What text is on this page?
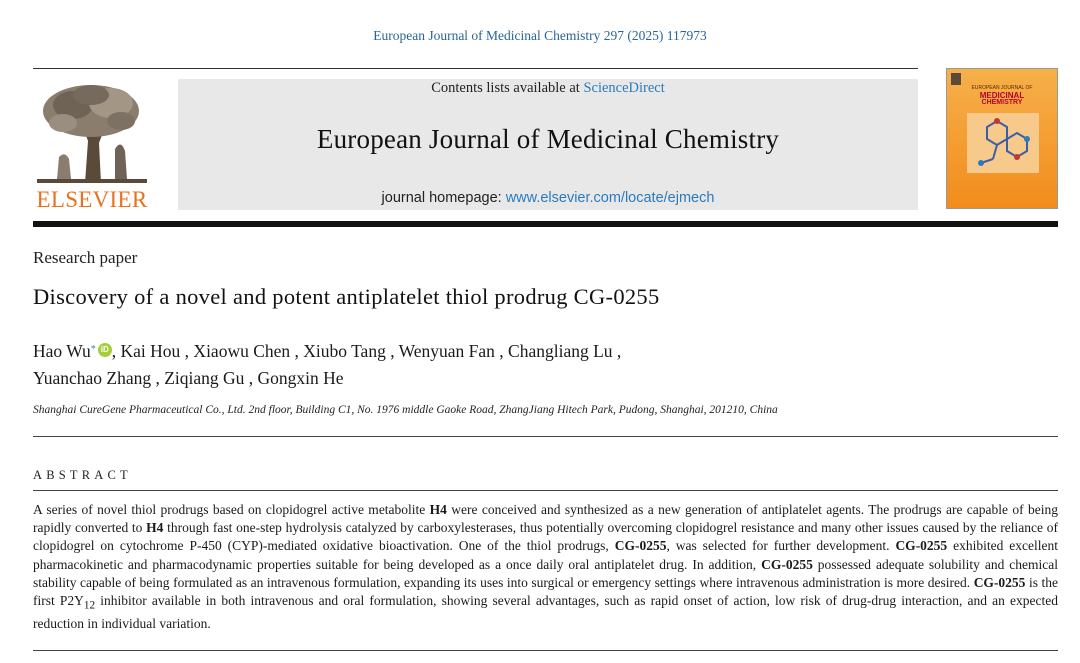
European Journal of Medicinal Chemistry 297 (2025) 117973
ELSEVIER
Contents lists available at ScienceDirect
European Journal of Medicinal Chemistry
journal homepage: www.elsevier.com/locate/ejmech
EUROPEAN JOURNAL OF
MEDICINAL
CHEMISTRY
Research paper
Discovery of a novel and potent antiplatelet thiol prodrug CG-0255
Hao Wu* iD , Kai Hou , Xiaowu Chen , Xiubo Tang , Wenyuan Fan , Changliang Lu ,
Yuanchao Zhang , Ziqiang Gu , Gongxin He
Shanghai CureGene Pharmaceutical Co., Ltd. 2nd floor, Building C1, No. 1976 middle Gaoke Road, ZhangJiang Hitech Park, Pudong, Shanghai, 201210, China
ABSTRACT
A series of novel thiol prodrugs based on clopidogrel active metabolite H4 were conceived and synthesized as a new generation of antiplatelet agents. The prodrugs are capable of being rapidly converted to H4 through fast one-step hydrolysis catalyzed by carboxylesterases, thus potentially overcoming clopidogrel resistance and many other issues caused by the reliance of clopidogrel on cytochrome P-450 (CYP)-mediated oxidative bioactivation. One of the thiol prodrugs, CG-0255, was selected for further development. CG-0255 exhibited excellent pharmacokinetic and pharmacodynamic properties suitable for being developed as a once daily oral antiplatelet drug. In addition, CG-0255 possessed adequate solubility and chemical stability capable of being formulated as an intravenous formulation, expanding its uses into surgical or emergency settings where intravenous administration is more desired. CG-0255 is the first $P2Y_{12}$ inhibitor available in both intravenous and oral formulation, showing several advantages, such as rapid onset of action, low risk of drug-drug interaction, and an expected reduction in individual variation.
